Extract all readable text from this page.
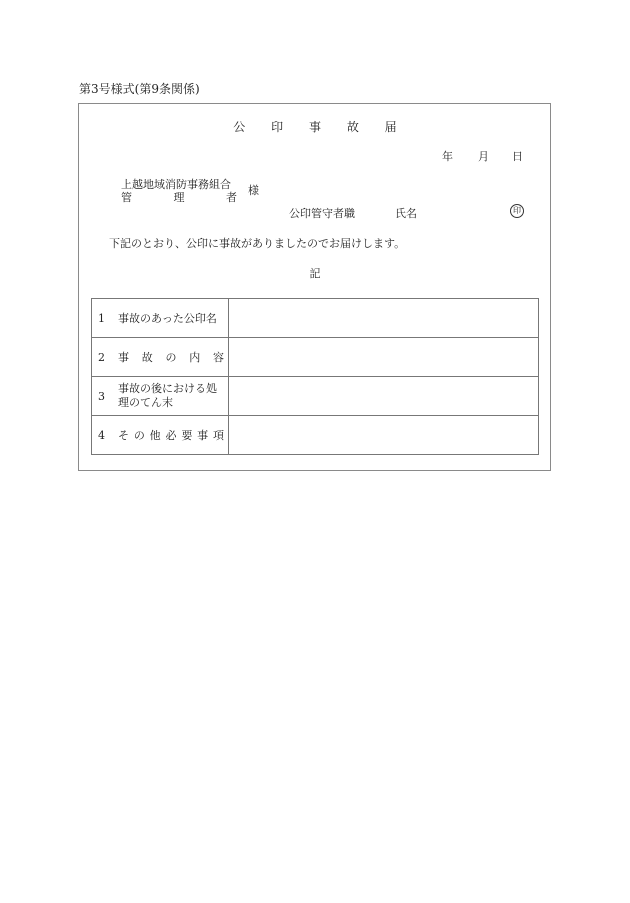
第3号様式(第9条関係)
公 印 事 故 届
年 月 日
上越地域消防事務組合
管	理	者
様
公印管守者職	氏名	印
下記のとおり、公印に事故がありましたのでお届けします。
記
1 事故のあった公印名	

2	事 故 の 内 容

3
事故の後における処
理のてん末	

4	そ の 他 必 要 事 項
